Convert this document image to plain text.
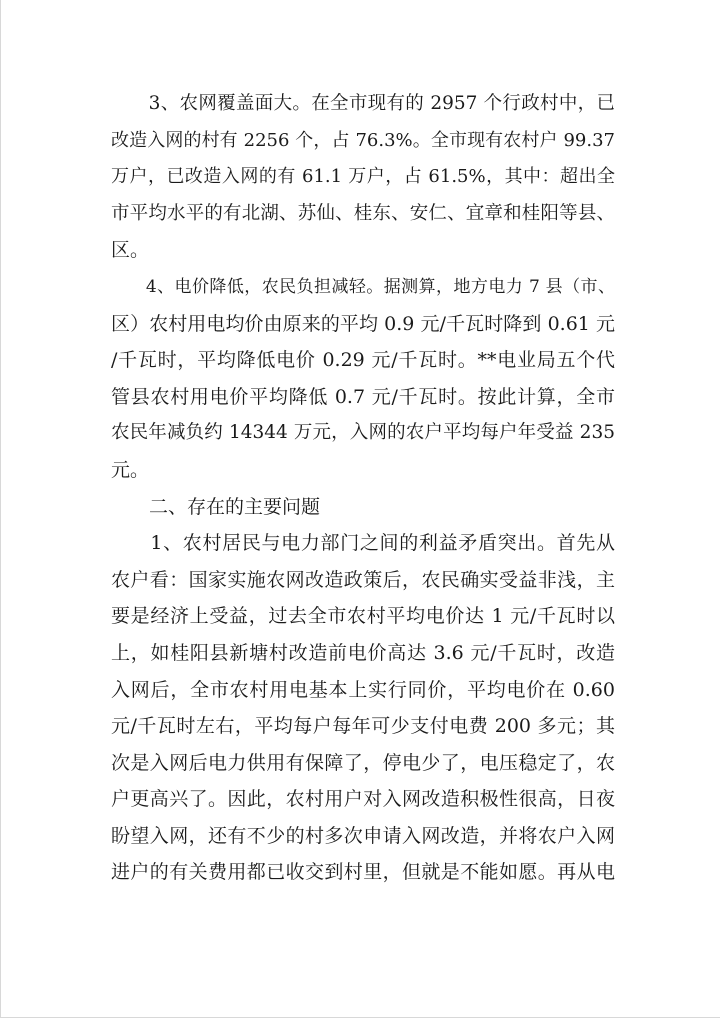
　　3、农网覆盖面大。在全市现有的 2957 个行政村中，已
改造入网的村有 2256 个，占 76.3%。全市现有农村户 99.37
万户，已改造入网的有 61.1 万户，占 61.5%，其中：超出全
市平均水平的有北湖、苏仙、桂东、安仁、宜章和桂阳等县、
区。
　　4、电价降低，农民负担减轻。据测算，地方电力 7 县（市、
区）农村用电均价由原来的平均 0.9 元/千瓦时降到 0.61 元
/千瓦时，平均降低电价 0.29 元/千瓦时。**电业局五个代
管县农村用电价平均降低 0.7 元/千瓦时。按此计算，全市
农民年减负约 14344 万元，入网的农户平均每户年受益 235
元。
　　二、存在的主要问题
　　1、农村居民与电力部门之间的利益矛盾突出。首先从
农户看：国家实施农网改造政策后，农民确实受益非浅，主
要是经济上受益，过去全市农村平均电价达 1 元/千瓦时以
上，如桂阳县新塘村改造前电价高达 3.6 元/千瓦时，改造
入网后，全市农村用电基本上实行同价，平均电价在 0.60
元/千瓦时左右，平均每户每年可少支付电费 200 多元；其
次是入网后电力供用有保障了，停电少了，电压稳定了，农
户更高兴了。因此，农村用户对入网改造积极性很高，日夜
盼望入网，还有不少的村多次申请入网改造，并将农户入网
进户的有关费用都已收交到村里，但就是不能如愿。再从电
